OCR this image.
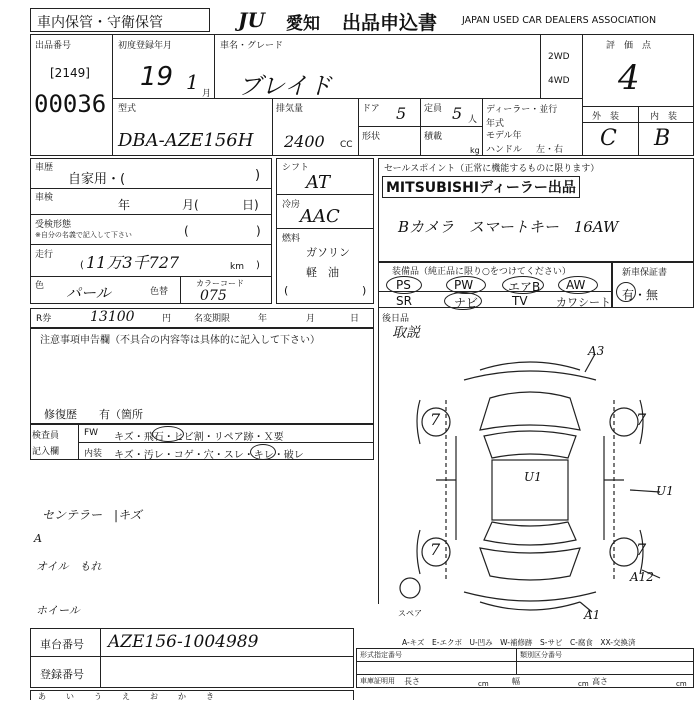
車内保管・守衛保管	JU	愛知 出品申込書	JAPAN USED CAR DEALERS ASSOCIATION
出品番号
[2149]
00036
初度登録年月
19 1 月
車名・グレード
ブレイド
2WD
4WD
評　価　点
4
外　装	内　装
C B
型式
DBA-AZE156H
排気量
2400 CC
ドア 5 定員 5 人
形状	積載
kg
ディーラー・並行
年式
モデル年
ハンドル 左・右
車歴
自家用・(	)
車検	年	月(	日)
受検形態
※自分の名義で記入して下さい	(	)
走行 11万3千727	km
(	)
色 パール	色替
カラーコード
075
シフト
AT
冷房
AAC
燃料
ガソリン
軽　油
(	)
セールスポイント（正常に機能するものに限ります）
MITSUBISHIディーラー出品
Bカメラ　スマートキー　16AW
装備品（純正品に限り○をつけてください）
PS	PW	エアB AW
SR	ナビ	TV	カワシート
新車保証書
有・無
R券	13100	円	名変期限	年	月	日	後日品
取説
注意事項申告欄（不具合の内容等は具体的に記入して下さい）
修復歴　　有（箇所
検査員
記入欄
FW キズ・飛石・ヒビ割・リペア跡・Ｘ要
内装 キズ・汚レ・コゲ・穴・スレ・キレ・破レ
センテラー　|キズ
A
オイル　もれ
ホイール
A3
U1
U1
A12
A1
7	7
7	7
スペア
A-キズ　E-エクボ　U-凹み　W-補修跡　S-サビ　C-腐食　XX-交換済
車台番号 AZE156-1004989
登録番号
形式指定番号	類別区分番号
車庫証明用 長さ	幅	高さ
cm	cm	cm
あ	い	う	え	お	か	き
